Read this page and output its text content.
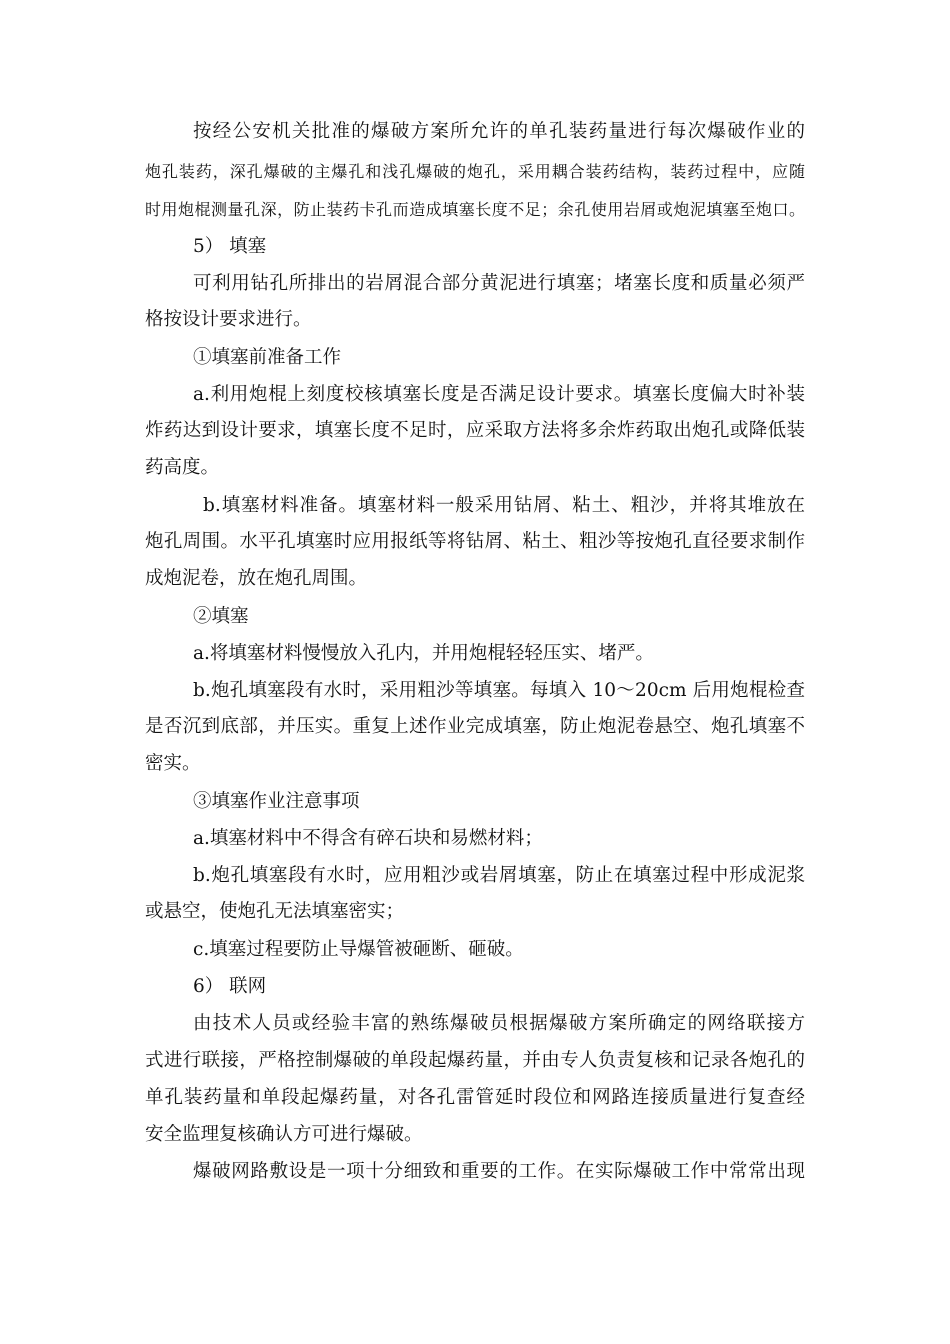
按经公安机关批准的爆破方案所允许的单孔装药量进行每次爆破作业的
炮孔装药，深孔爆破的主爆孔和浅孔爆破的炮孔，采用耦合装药结构，装药过程中，应随
时用炮棍测量孔深，防止装药卡孔而造成填塞长度不足；余孔使用岩屑或炮泥填塞至炮口。
5） 填塞
可利用钻孔所排出的岩屑混合部分黄泥进行填塞；堵塞长度和质量必须严
格按设计要求进行。
①填塞前准备工作
a.利用炮棍上刻度校核填塞长度是否满足设计要求。填塞长度偏大时补装
炸药达到设计要求，填塞长度不足时，应采取方法将多余炸药取出炮孔或降低装
药高度。
b.填塞材料准备。填塞材料一般采用钻屑、粘土、粗沙，并将其堆放在
炮孔周围。水平孔填塞时应用报纸等将钻屑、粘土、粗沙等按炮孔直径要求制作
成炮泥卷，放在炮孔周围。
②填塞
a.将填塞材料慢慢放入孔内，并用炮棍轻轻压实、堵严。
b.炮孔填塞段有水时，采用粗沙等填塞。每填入 10～20cm 后用炮棍检查
是否沉到底部，并压实。重复上述作业完成填塞，防止炮泥卷悬空、炮孔填塞不
密实。
③填塞作业注意事项
a.填塞材料中不得含有碎石块和易燃材料；
b.炮孔填塞段有水时，应用粗沙或岩屑填塞，防止在填塞过程中形成泥浆
或悬空，使炮孔无法填塞密实；
c.填塞过程要防止导爆管被砸断、砸破。
6） 联网
由技术人员或经验丰富的熟练爆破员根据爆破方案所确定的网络联接方
式进行联接，严格控制爆破的单段起爆药量，并由专人负责复核和记录各炮孔的
单孔装药量和单段起爆药量，对各孔雷管延时段位和网路连接质量进行复查经
安全监理复核确认方可进行爆破。
爆破网路敷设是一项十分细致和重要的工作。在实际爆破工作中常常出现
